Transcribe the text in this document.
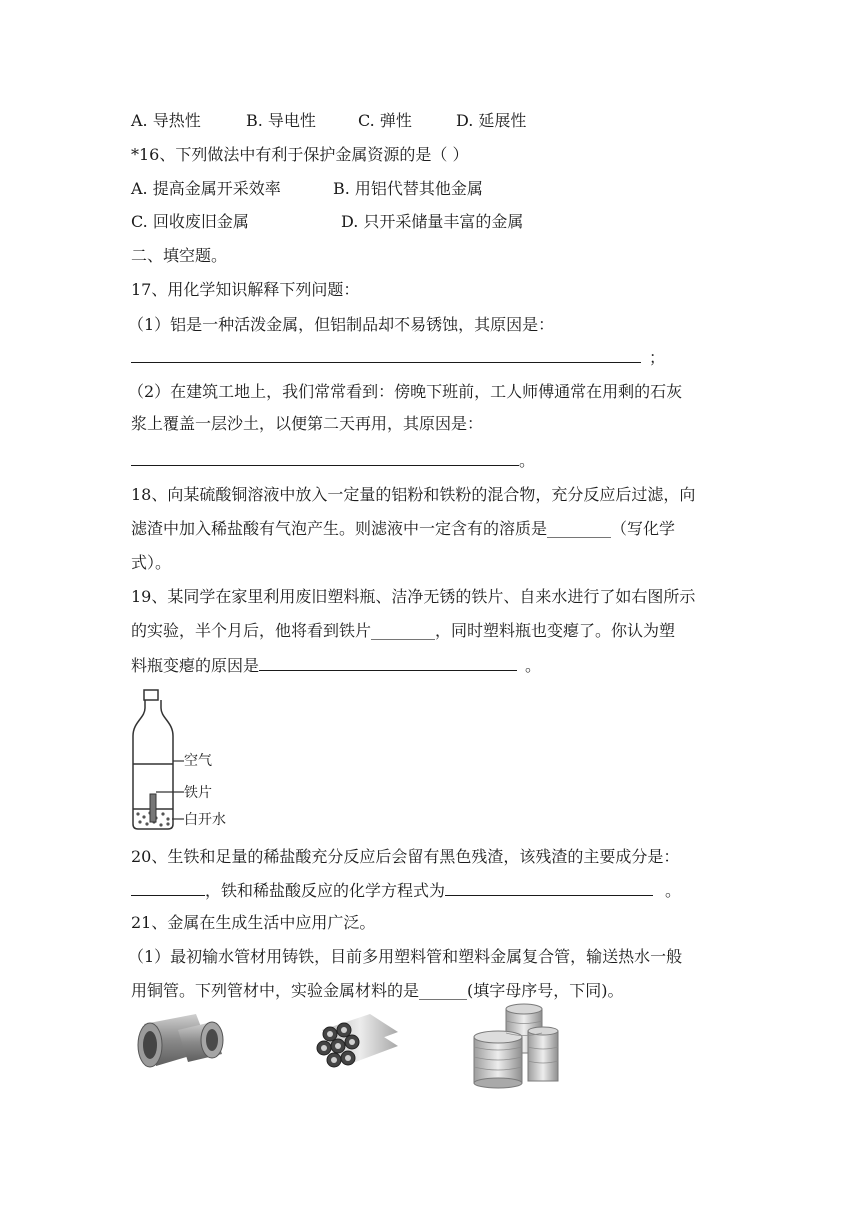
A. 导热性	B. 导电性	C. 弹性	D. 延展性
*16、下列做法中有利于保护金属资源的是（ ）
A. 提高金属开采效率	B. 用铝代替其他金属
C. 回收废旧金属	D. 只开采储量丰富的金属
二、填空题。
17、用化学知识解释下列问题：
（1）铝是一种活泼金属，但铝制品却不易锈蚀，其原因是：
；
（2）在建筑工地上，我们常常看到：傍晚下班前，工人师傅通常在用剩的石灰
浆上覆盖一层沙土，以便第二天再用，其原因是：
。
18、向某硫酸铜溶液中放入一定量的铝粉和铁粉的混合物，充分反应后过滤，向
滤渣中加入稀盐酸有气泡产生。则滤液中一定含有的溶质是________（写化学
式）。
19、某同学在家里利用废旧塑料瓶、洁净无锈的铁片、自来水进行了如右图所示
的实验，半个月后，他将看到铁片________，同时塑料瓶也变瘪了。你认为塑
料瓶变瘪的原因是	。
空气
铁片
白开水
20、生铁和足量的稀盐酸充分反应后会留有黑色残渣，该残渣的主要成分是：
，铁和稀盐酸反应的化学方程式为	。
21、金属在生成生活中应用广泛。
（1）最初输水管材用铸铁，目前多用塑料管和塑料金属复合管，输送热水一般
用铜管。下列管材中，实验金属材料的是______(填字母序号，下同)。
